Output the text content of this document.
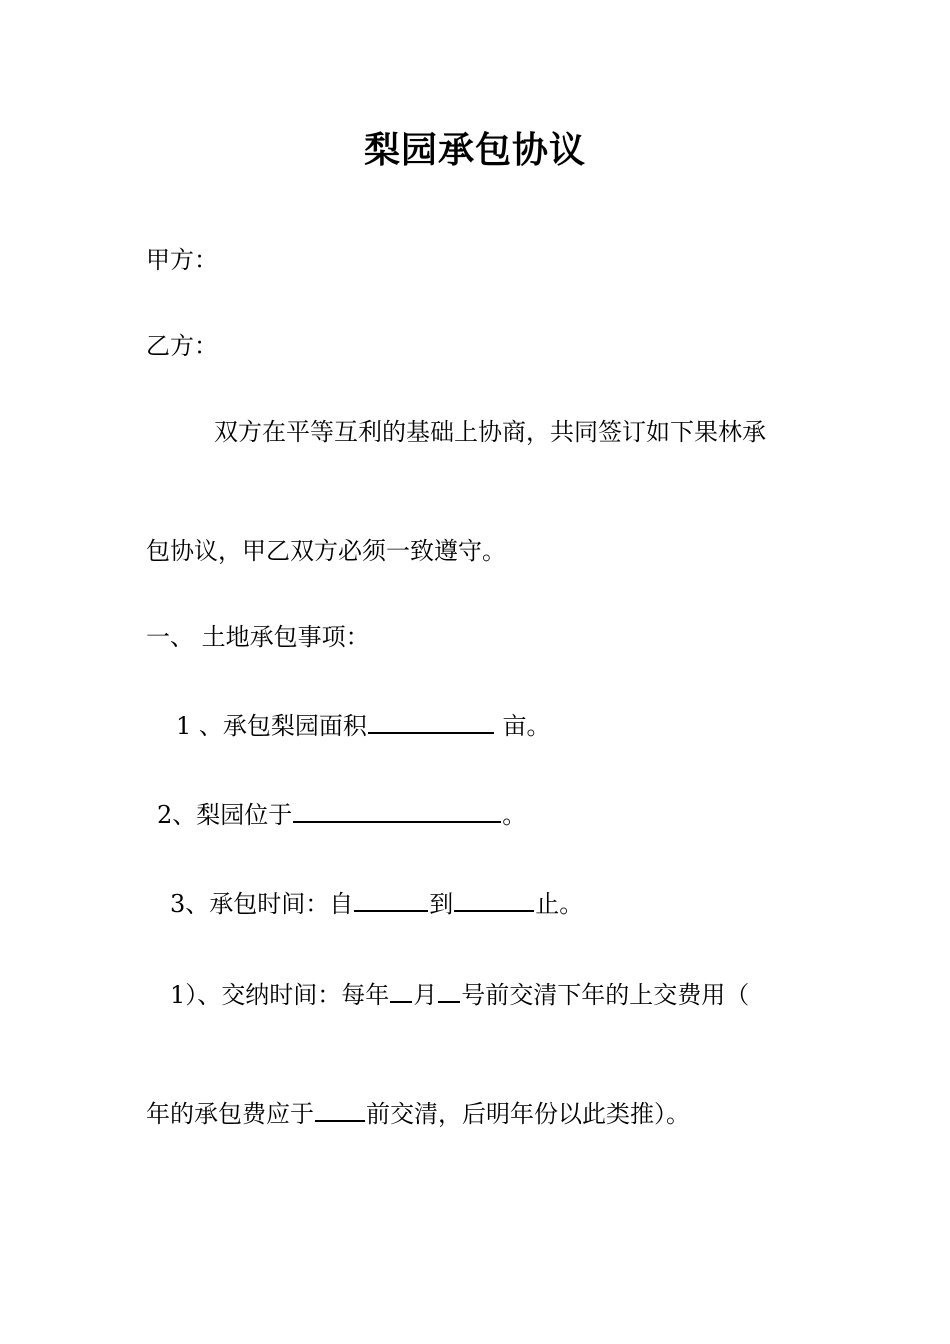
梨园承包协议
甲方：
乙方：
双方在平等互利的基础上协商，共同签订如下果林承
包协议，甲乙双方必须一致遵守。
一、 土地承包事项：
1 、承包梨园面积	亩。
2、梨园位于	。
3、承包时间：自	到	止。
1）、交纳时间：每年 月 号前交清下年的上交费用（
年的承包费应于 前交清，后明年份以此类推）。
